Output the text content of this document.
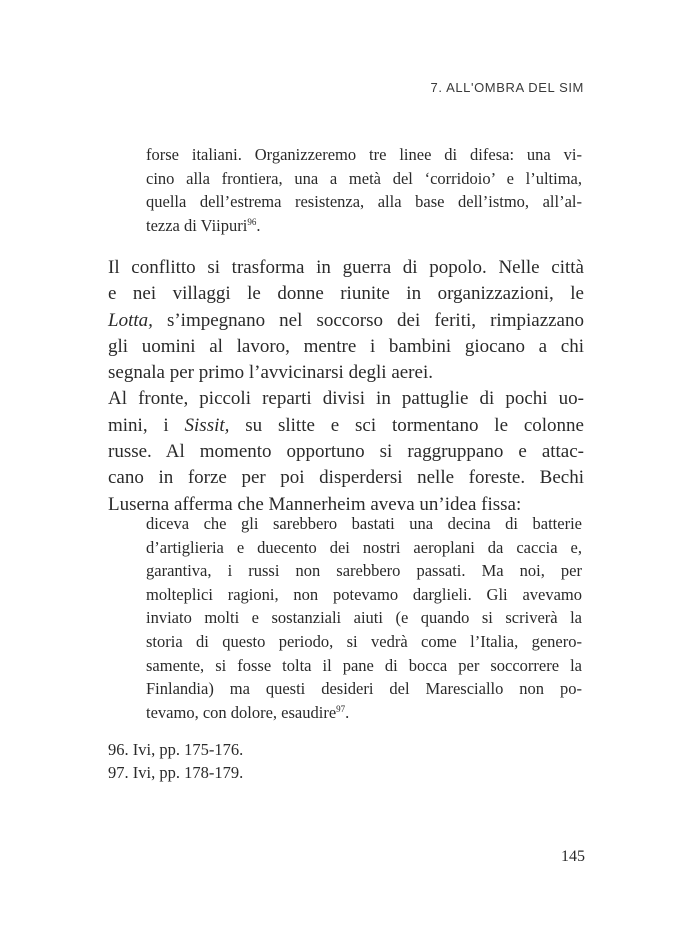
7. ALL'OMBRA DEL SIM
forse italiani. Organizzeremo tre linee di difesa: una vi-
cino alla frontiera, una a metà del ‘corridoio’ e l’ultima,
quella dell’estrema resistenza, alla base dell’istmo, all’al-
tezza di Viipuri$^{96}$.
Il conflitto si trasforma in guerra di popolo. Nelle città
e nei villaggi le donne riunite in organizzazioni, le
Lotta, s’impegnano nel soccorso dei feriti, rimpiazzano
gli uomini al lavoro, mentre i bambini giocano a chi
segnala per primo l’avvicinarsi degli aerei.
Al fronte, piccoli reparti divisi in pattuglie di pochi uo-
mini, i Sissit, su slitte e sci tormentano le colonne
russe. Al momento opportuno si raggruppano e attac-
cano in forze per poi disperdersi nelle foreste. Bechi
Luserna afferma che Mannerheim aveva un’idea fissa:
diceva che gli sarebbero bastati una decina di batterie
d’artiglieria e duecento dei nostri aeroplani da caccia e,
garantiva, i russi non sarebbero passati. Ma noi, per
molteplici ragioni, non potevamo darglieli. Gli avevamo
inviato molti e sostanziali aiuti (e quando si scriverà la
storia di questo periodo, si vedrà come l’Italia, genero-
samente, si fosse tolta il pane di bocca per soccorrere la
Finlandia) ma questi desideri del Maresciallo non po-
tevamo, con dolore, esaudire$^{97}$.
96. Ivi, pp. 175-176.
97. Ivi, pp. 178-179.
145
